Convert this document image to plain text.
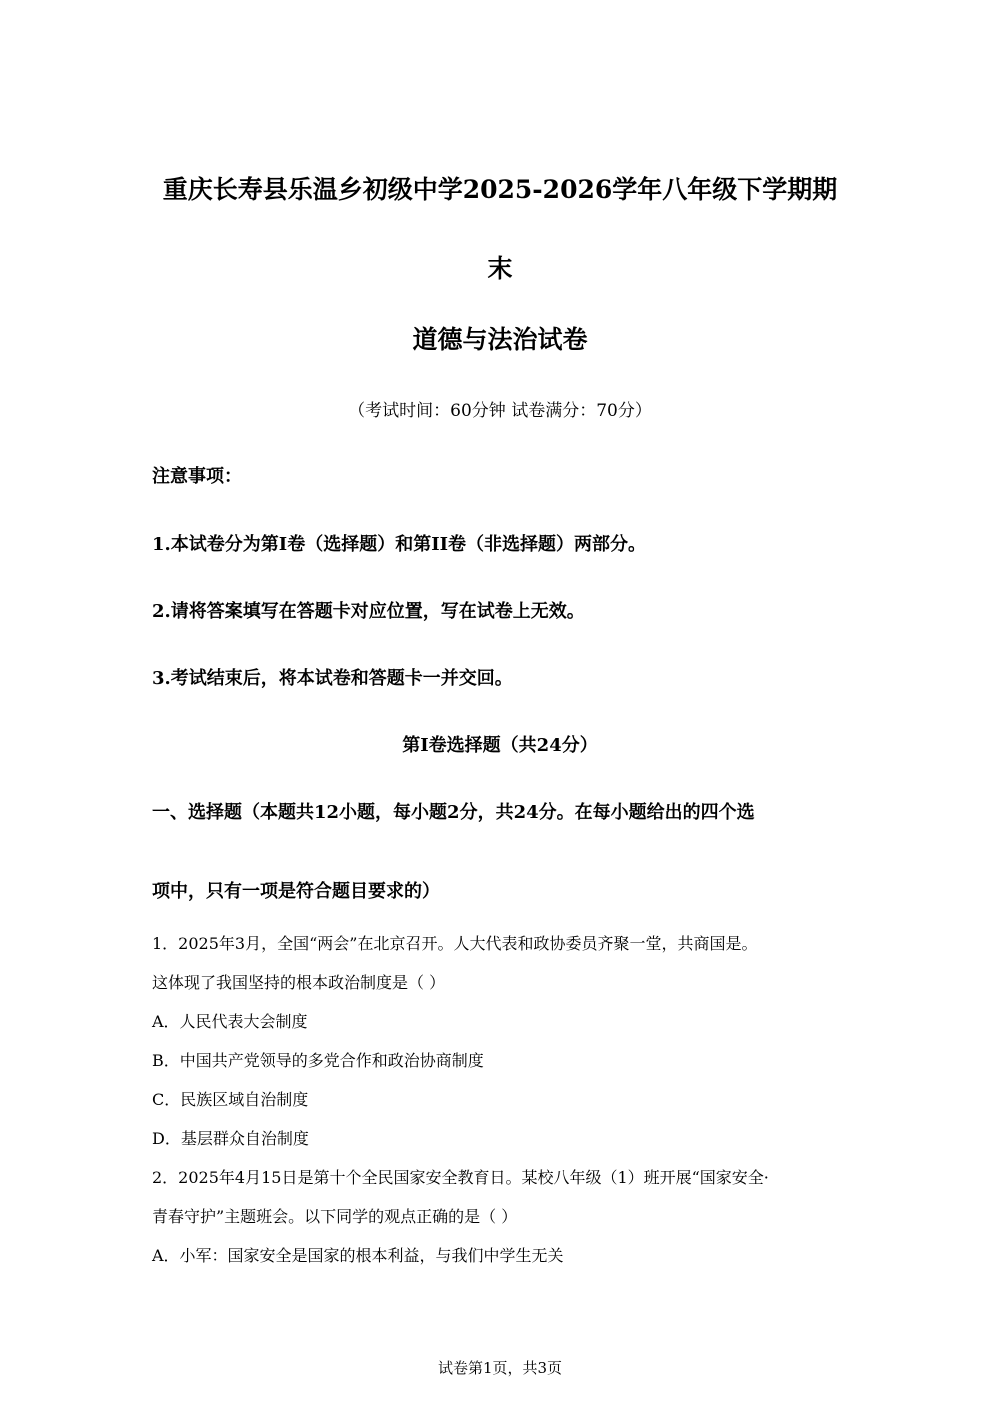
重庆长寿县乐温乡初级中学2025-2026学年八年级下学期期
末
道德与法治试卷
（考试时间：60分钟 试卷满分：70分）
注意事项：
1.本试卷分为第I卷（选择题）和第II卷（非选择题）两部分。
2.请将答案填写在答题卡对应位置，写在试卷上无效。
3.考试结束后，将本试卷和答题卡一并交回。
第I卷选择题（共24分）
一、选择题（本题共12小题，每小题2分，共24分。在每小题给出的四个选
项中，只有一项是符合题目要求的）
1．2025年3月，全国“两会”在北京召开。人大代表和政协委员齐聚一堂，共商国是。
这体现了我国坚持的根本政治制度是（ ）
A．人民代表大会制度
B．中国共产党领导的多党合作和政治协商制度
C．民族区域自治制度
D．基层群众自治制度
2．2025年4月15日是第十个全民国家安全教育日。某校八年级（1）班开展“国家安全·
青春守护”主题班会。以下同学的观点正确的是（ ）
A．小军：国家安全是国家的根本利益，与我们中学生无关
试卷第1页，共3页
